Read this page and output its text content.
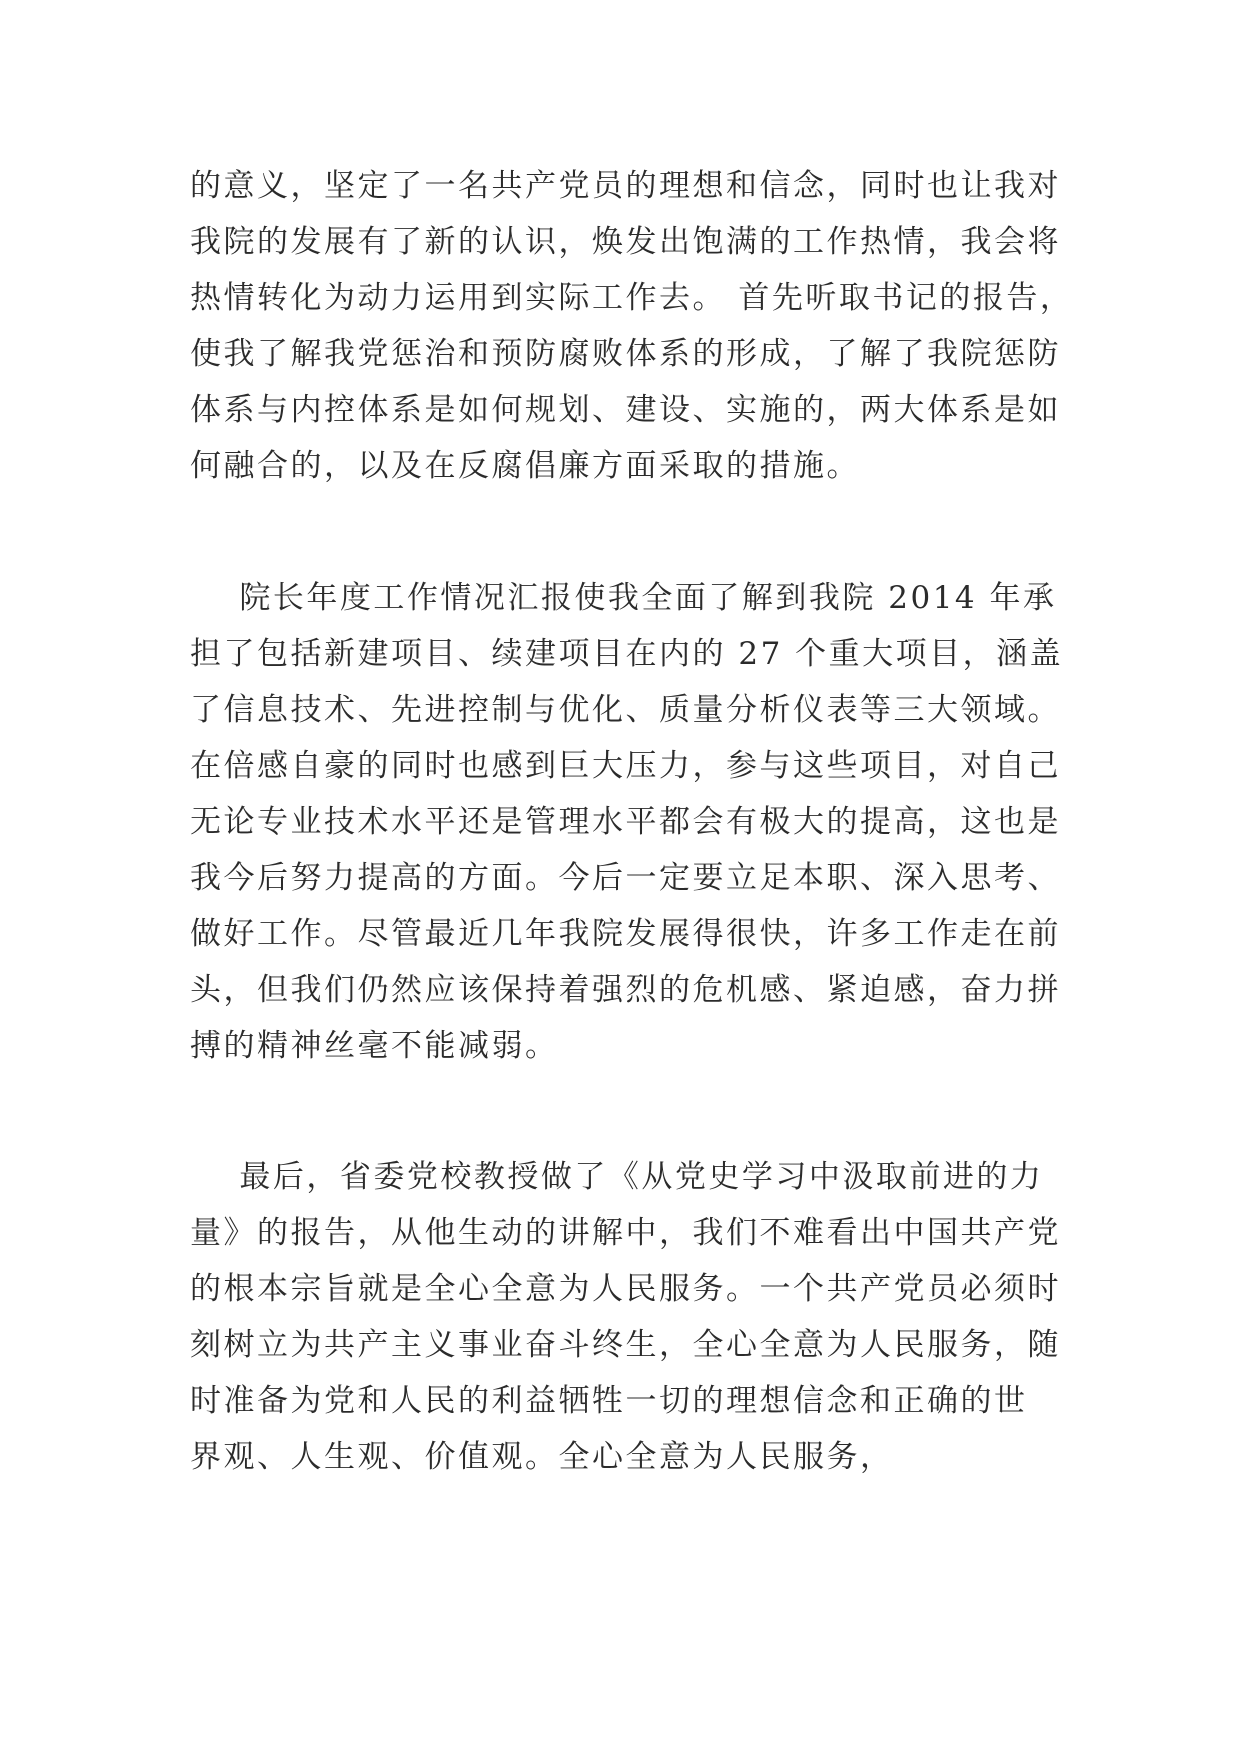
的意义，坚定了一名共产党员的理想和信念，同时也让我对
我院的发展有了新的认识，焕发出饱满的工作热情，我会将
热情转化为动力运用到实际工作去。 首先听取书记的报告，
使我了解我党惩治和预防腐败体系的形成，了解了我院惩防
体系与内控体系是如何规划、建设、实施的，两大体系是如
何融合的，以及在反腐倡廉方面采取的措施。
院长年度工作情况汇报使我全面了解到我院 2014 年承
担了包括新建项目、续建项目在内的 27 个重大项目，涵盖
了信息技术、先进控制与优化、质量分析仪表等三大领域。
在倍感自豪的同时也感到巨大压力，参与这些项目，对自己
无论专业技术水平还是管理水平都会有极大的提高，这也是
我今后努力提高的方面。今后一定要立足本职、深入思考、
做好工作。尽管最近几年我院发展得很快，许多工作走在前
头，但我们仍然应该保持着强烈的危机感、紧迫感，奋力拼
搏的精神丝毫不能减弱。
最后，省委党校教授做了《从党史学习中汲取前进的力
量》的报告，从他生动的讲解中，我们不难看出中国共产党
的根本宗旨就是全心全意为人民服务。一个共产党员必须时
刻树立为共产主义事业奋斗终生，全心全意为人民服务，随
时准备为党和人民的利益牺牲一切的理想信念和正确的世
界观、人生观、价值观。全心全意为人民服务，
